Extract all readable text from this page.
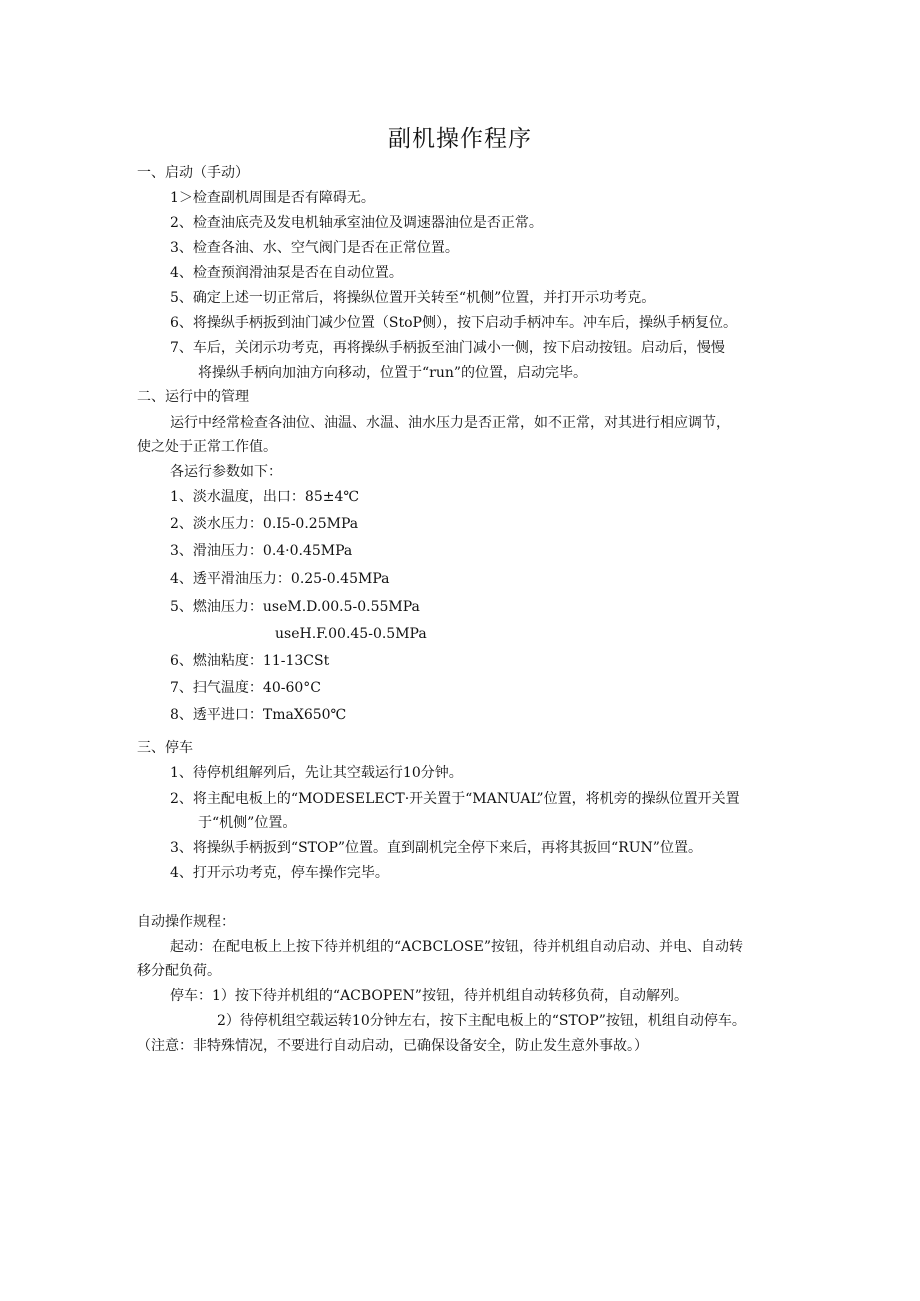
副机操作程序
一、启动（手动）
1＞检查副机周围是否有障碍无。
2、检查油底壳及发电机轴承室油位及调速器油位是否正常。
3、检查各油、水、空气阀门是否在正常位置。
4、检查预润滑油泵是否在自动位置。
5、确定上述一切正常后，将操纵位置开关转至“机侧”位置，并打开示功考克。
6、将操纵手柄扳到油门减少位置（StoP侧），按下启动手柄冲车。冲车后，操纵手柄复位。
7、车后，关闭示功考克，再将操纵手柄扳至油门减小一侧，按下启动按钮。启动后，慢慢
将操纵手柄向加油方向移动，位置于“run”的位置，启动完毕。
二、运行中的管理
运行中经常检查各油位、油温、水温、油水压力是否正常，如不正常，对其进行相应调节，
使之处于正常工作值。
各运行参数如下：
1、淡水温度，出口：85±4℃
2、淡水压力：0.I5-0.25MPa
3、滑油压力：0.4·0.45MPa
4、透平滑油压力：0.25-0.45MPa
5、燃油压力：useM.D.00.5-0.55MPa
useH.F.00.45-0.5MPa
6、燃油粘度：11-13CSt
7、扫气温度：40-60°C
8、透平进口：TmaX650℃
三、停车
1、待停机组解列后，先让其空载运行10分钟。
2、将主配电板上的“MODESELECT·开关置于“MANUAL”位置，将机旁的操纵位置开关置
于“机侧”位置。
3、将操纵手柄扳到“STOP”位置。直到副机完全停下来后，再将其扳回“RUN”位置。
4、打开示功考克，停车操作完毕。
自动操作规程：
起动：在配电板上上按下待并机组的“ACBCLOSE”按钮，待并机组自动启动、并电、自动转
移分配负荷。
停车：1）按下待并机组的“ACBOPEN”按钮，待并机组自动转移负荷，自动解列。
2）待停机组空载运转10分钟左右，按下主配电板上的“STOP”按钮，机组自动停车。
（注意：非特殊情况，不要进行自动启动，已确保设备安全，防止发生意外事故。）
